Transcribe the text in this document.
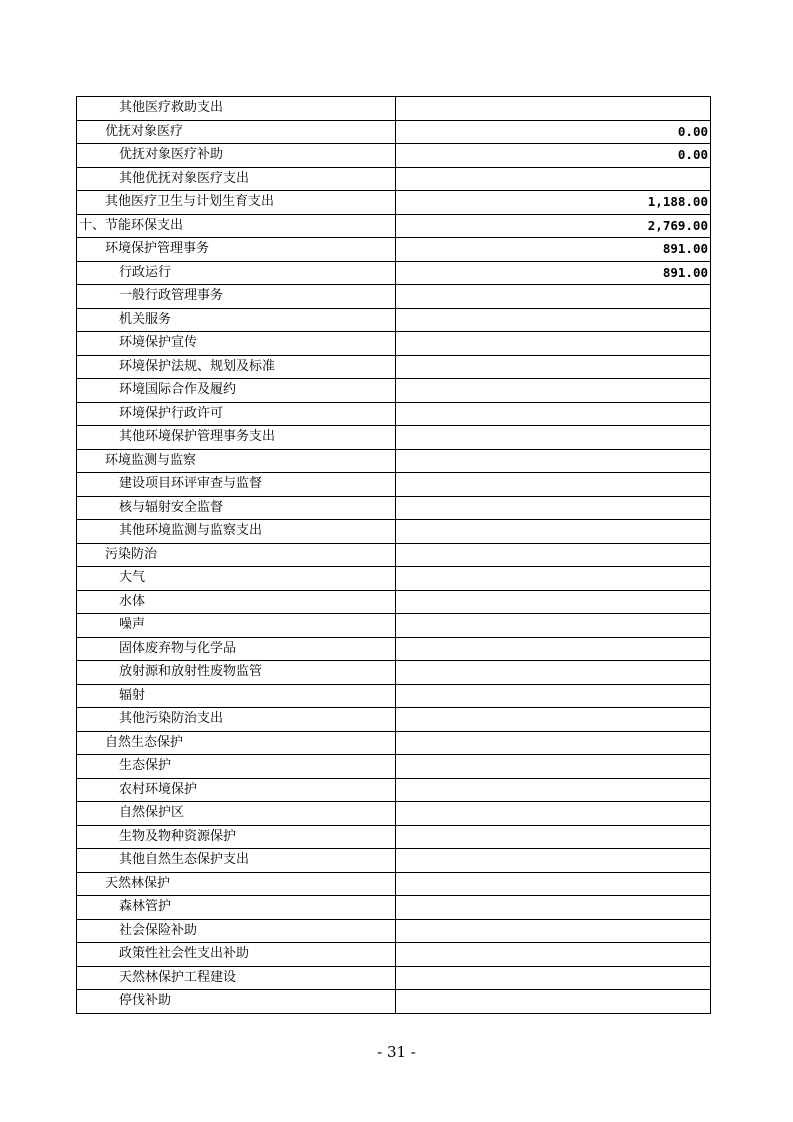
其他医疗救助支出	
优抚对象医疗	0.00
优抚对象医疗补助	0.00
其他优抚对象医疗支出	
其他医疗卫生与计划生育支出	1,188.00
十、节能环保支出	2,769.00
环境保护管理事务	891.00
行政运行	891.00
一般行政管理事务	
机关服务	
环境保护宣传	
环境保护法规、规划及标准	
环境国际合作及履约	
环境保护行政许可	
其他环境保护管理事务支出	
环境监测与监察	
建设项目环评审查与监督	
核与辐射安全监督	
其他环境监测与监察支出	
污染防治	
大气	
水体	
噪声	
固体废弃物与化学品	
放射源和放射性废物监管	
辐射	
其他污染防治支出	
自然生态保护	
生态保护	
农村环境保护	
自然保护区	
生物及物种资源保护	
其他自然生态保护支出	
天然林保护	
森林管护	
社会保险补助	
政策性社会性支出补助	
天然林保护工程建设	
停伐补助	
- 31 -
